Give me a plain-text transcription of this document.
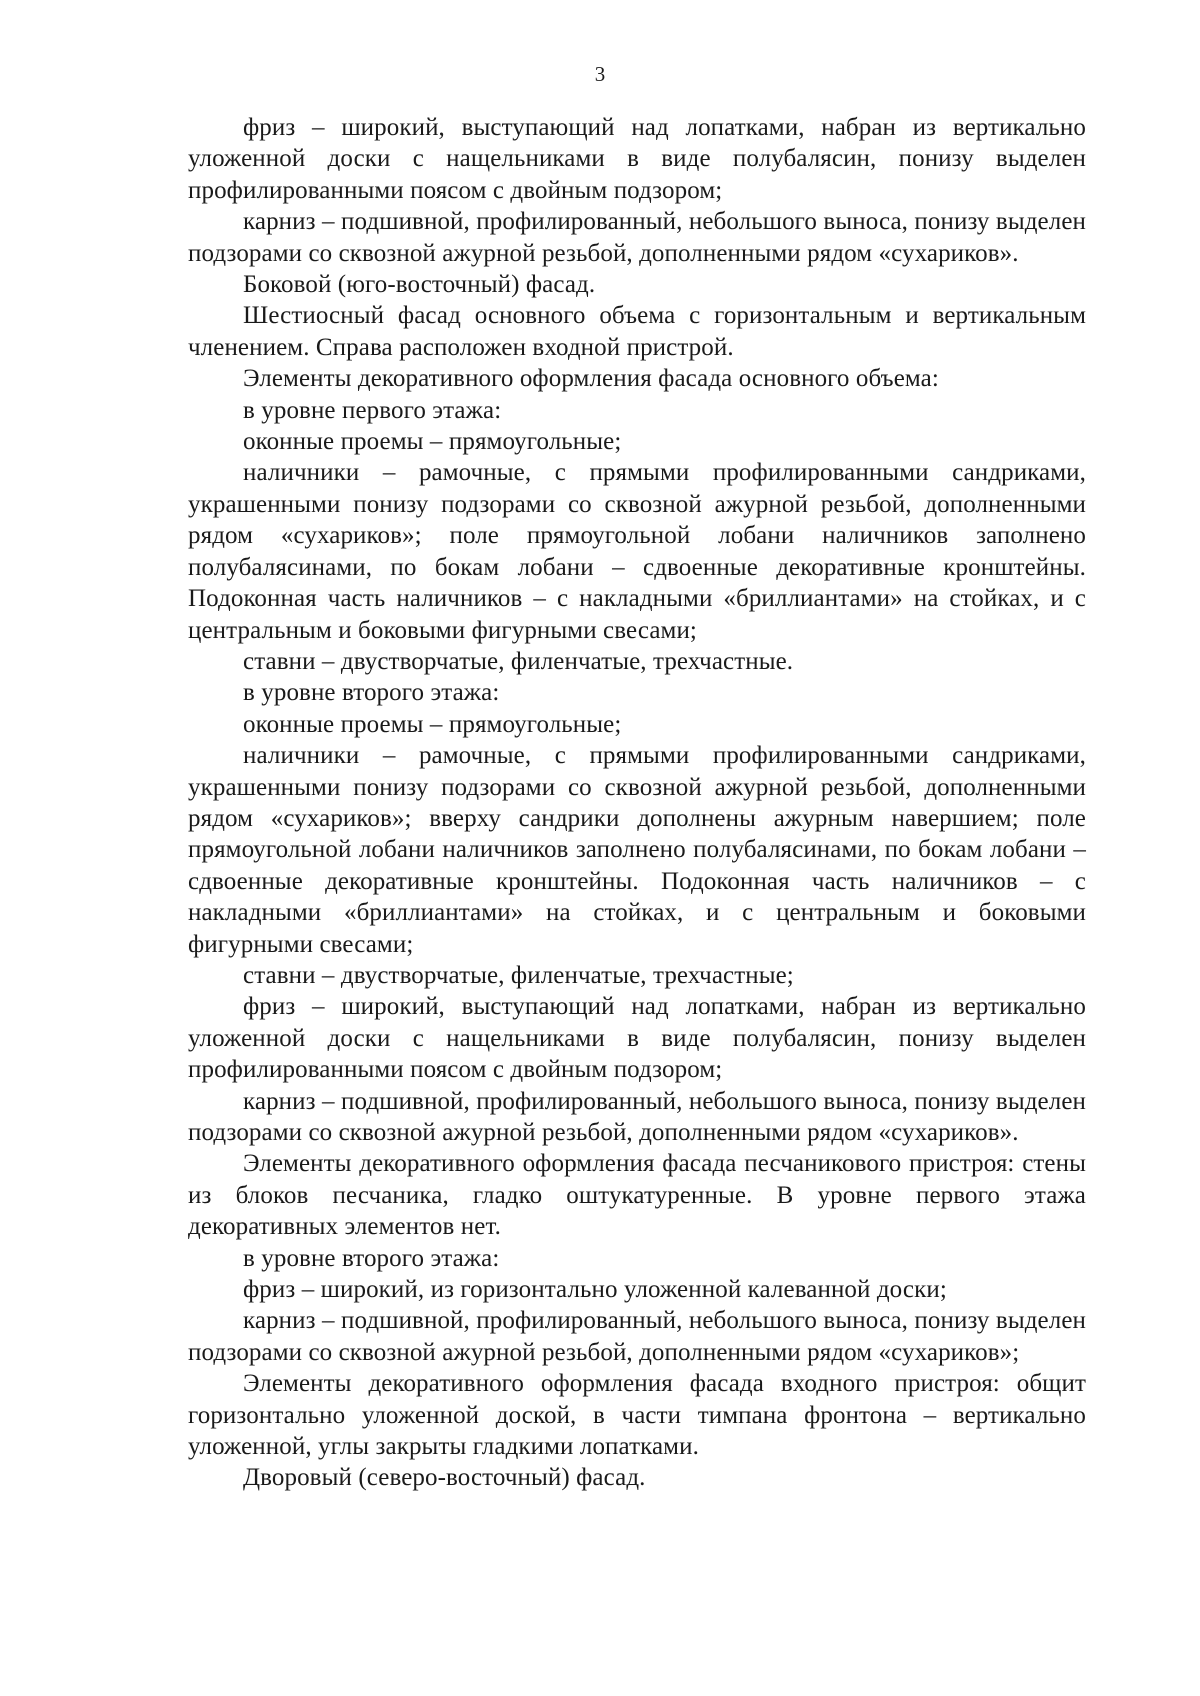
3

фриз – широкий, выступающий над лопатками, набран из вертикально уложенной доски с нащельниками в виде полубалясин, понизу выделен профилированными поясом с двойным подзором;

карниз – подшивной, профилированный, небольшого выноса, понизу выделен подзорами со сквозной ажурной резьбой, дополненными рядом «сухариков».

Боковой (юго-восточный) фасад.

Шестиосный фасад основного объема с горизонтальным и вертикальным членением. Справа расположен входной пристрой.

Элементы декоративного оформления фасада основного объема:

в уровне первого этажа:

оконные проемы – прямоугольные;

наличники – рамочные, с прямыми профилированными сандриками, украшенными понизу подзорами со сквозной ажурной резьбой, дополненными рядом «сухариков»; поле прямоугольной лобани наличников заполнено полубалясинами, по бокам лобани – сдвоенные декоративные кронштейны. Подоконная часть наличников – с накладными «бриллиантами» на стойках, и с центральным и боковыми фигурными свесами;

ставни – двустворчатые, филенчатые, трехчастные.

в уровне второго этажа:

оконные проемы – прямоугольные;

наличники – рамочные, с прямыми профилированными сандриками, украшенными понизу подзорами со сквозной ажурной резьбой, дополненными рядом «сухариков»; вверху сандрики дополнены ажурным навершием; поле прямоугольной лобани наличников заполнено полубалясинами, по бокам лобани – сдвоенные декоративные кронштейны. Подоконная часть наличников – с накладными «бриллиантами» на стойках, и с центральным и боковыми фигурными свесами;

ставни – двустворчатые, филенчатые, трехчастные;

фриз – широкий, выступающий над лопатками, набран из вертикально уложенной доски с нащельниками в виде полубалясин, понизу выделен профилированными поясом с двойным подзором;

карниз – подшивной, профилированный, небольшого выноса, понизу выделен подзорами со сквозной ажурной резьбой, дополненными рядом «сухариков».

Элементы декоративного оформления фасада песчаникового пристроя: стены из блоков песчаника, гладко оштукатуренные. В уровне первого этажа декоративных элементов нет.

в уровне второго этажа:

фриз – широкий, из горизонтально уложенной калеванной доски;

карниз – подшивной, профилированный, небольшого выноса, понизу выделен подзорами со сквозной ажурной резьбой, дополненными рядом «сухариков»;

Элементы декоративного оформления фасада входного пристроя: общит горизонтально уложенной доской, в части тимпана фронтона – вертикально уложенной, углы закрыты гладкими лопатками.

Дворовый (северо-восточный) фасад.
